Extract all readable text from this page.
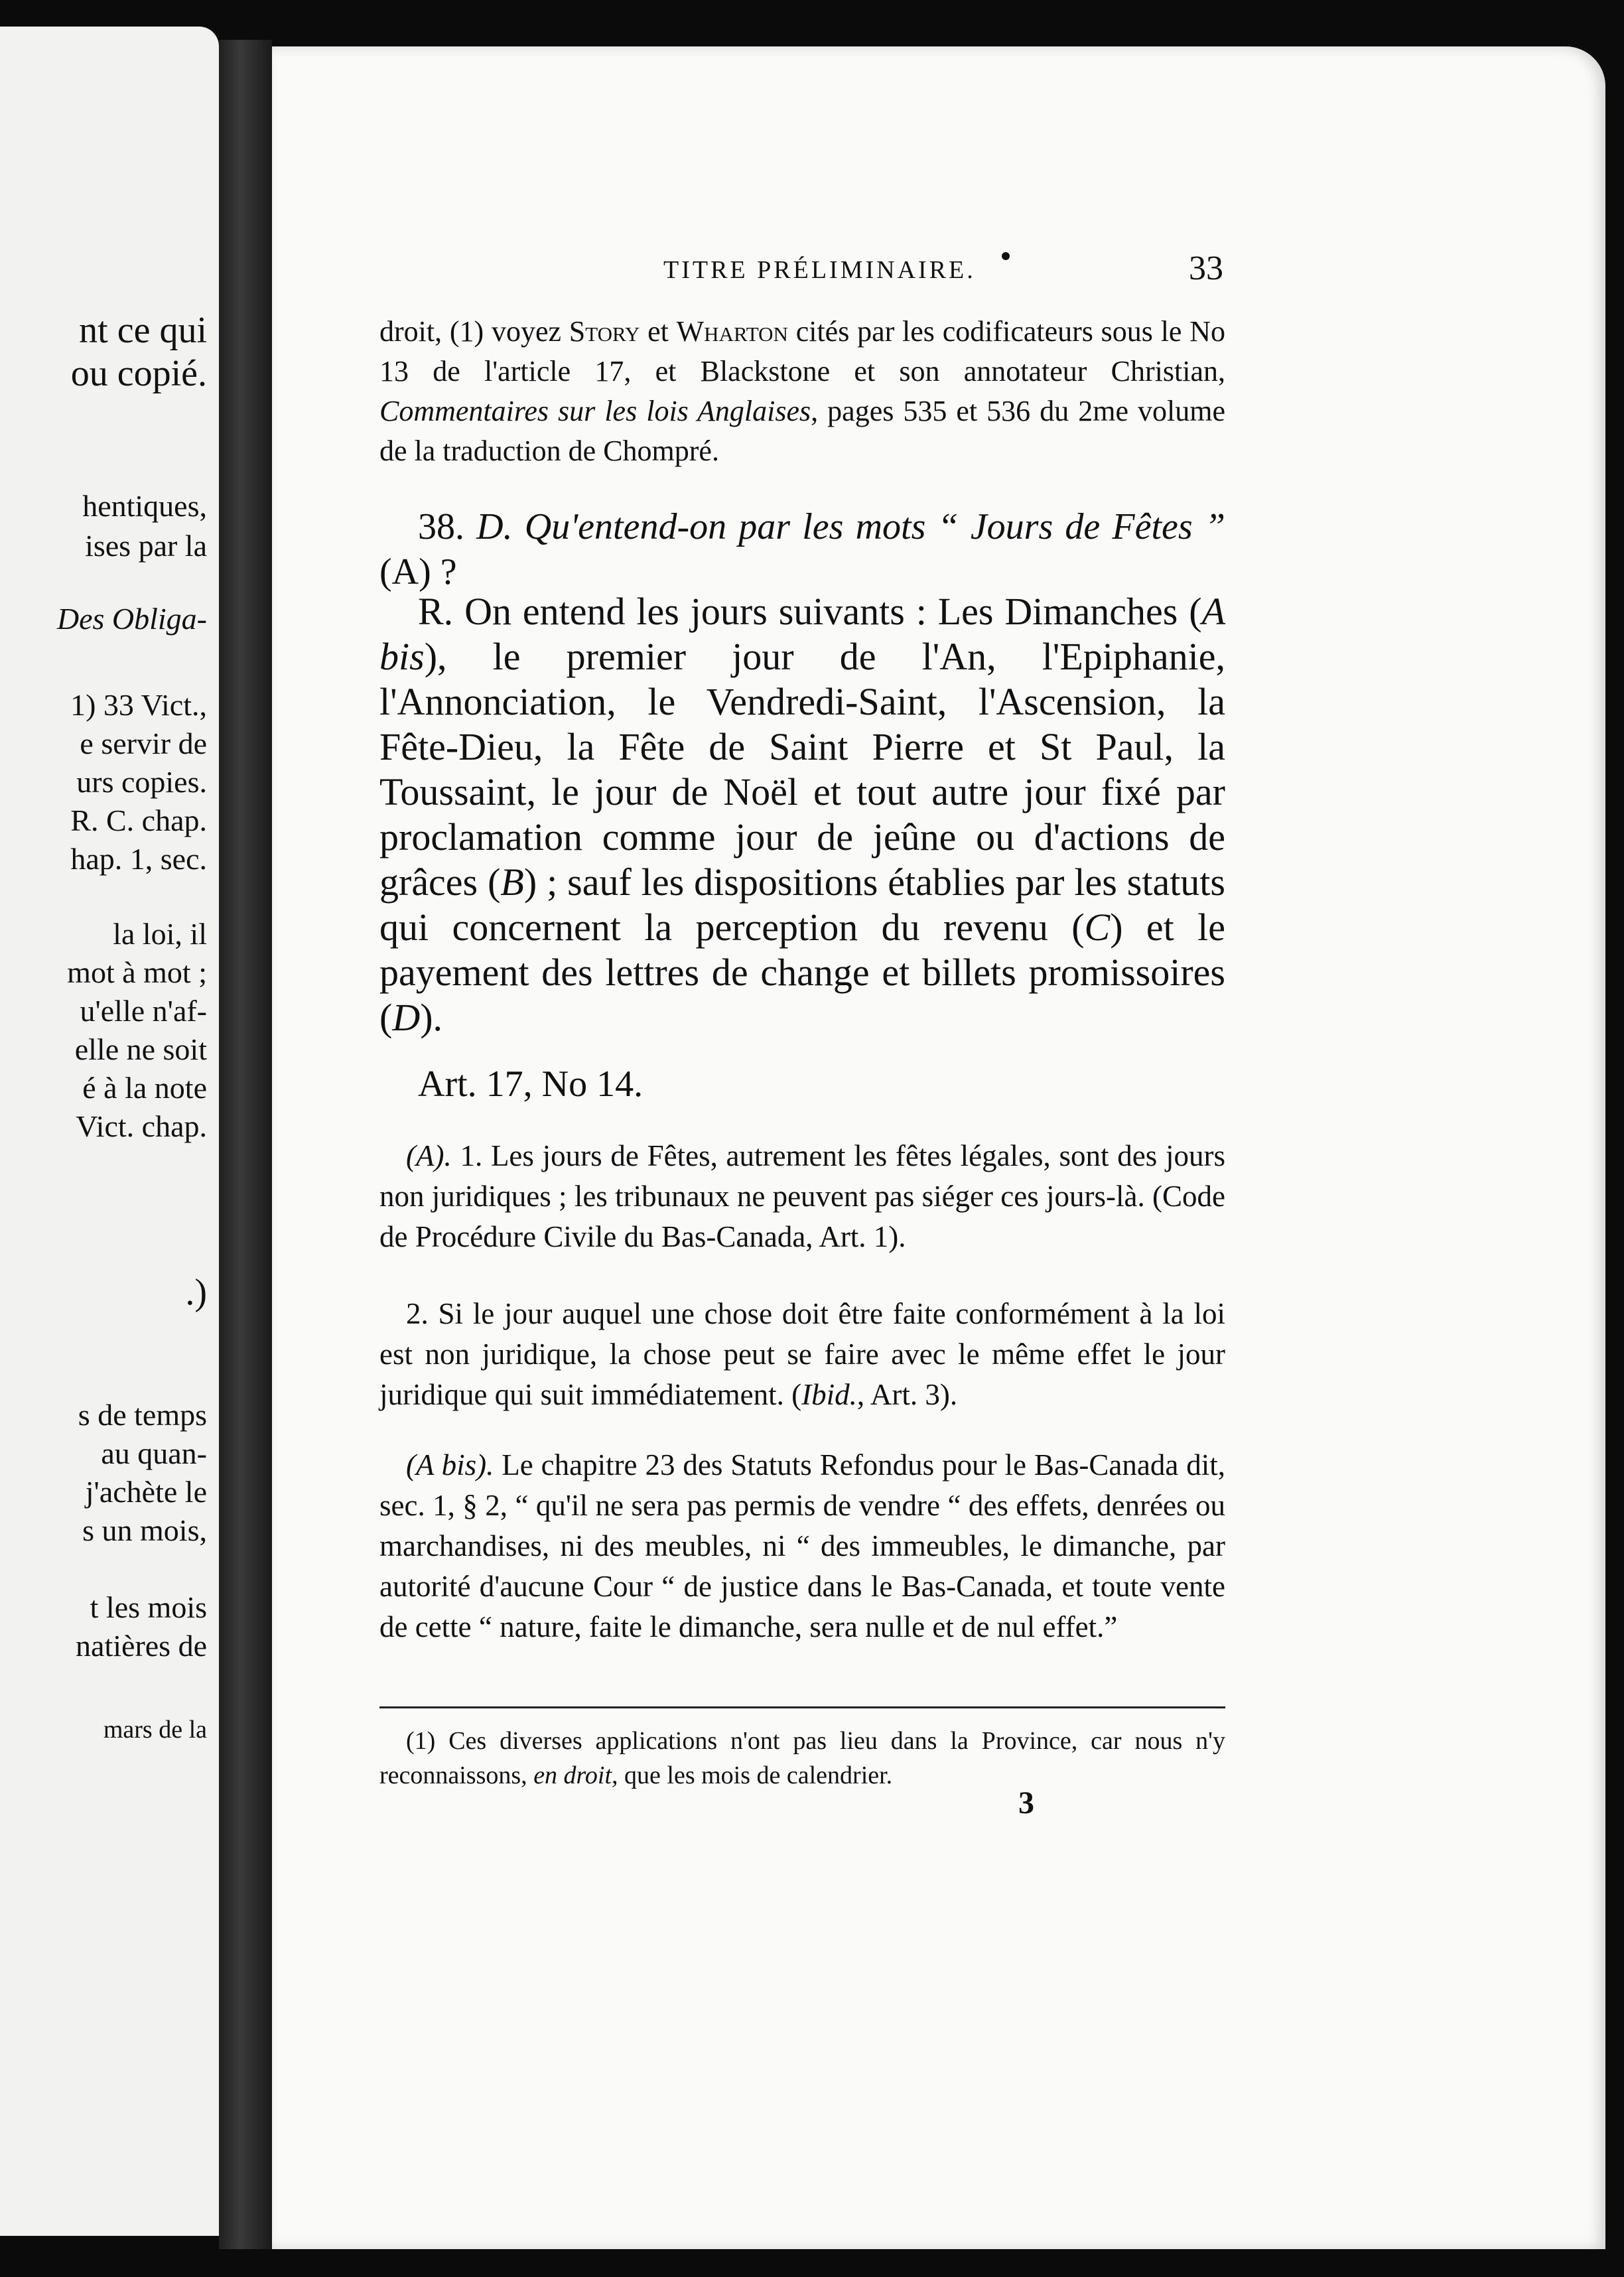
nt ce qui
ou copié.
hentiques,
ises par la
Des Obliga-
1) 33 Vict.,
e servir de
urs copies.
R. C. chap.
hap. 1, sec.
la loi, il
mot à mot ;
u'elle n'af-
elle ne soit
é à la note
Vict. chap.
.)
s de temps
au quan-
j'achète le
s un mois,
t les mois
natières de
mars de la
TITRE PRÉLIMINAIRE.	33

droit, (1) voyez Story et Wharton cités par les codificateurs sous le No 13 de l'article 17, et Blackstone et son annotateur Christian, Commentaires sur les lois Anglaises, pages 535 et 536 du 2me volume de la traduction de Chompré.

38. D. Qu'entend-on par les mots “ Jours de Fêtes ” (A) ?

R. On entend les jours suivants : Les Dimanches (A bis), le premier jour de l'An, l'Epiphanie, l'Annonciation, le Vendredi-Saint, l'Ascension, la Fête-Dieu, la Fête de Saint Pierre et St Paul, la Toussaint, le jour de Noël et tout autre jour fixé par proclamation comme jour de jeûne ou d'actions de grâces (B) ; sauf les dispositions établies par les statuts qui concernent la perception du revenu (C) et le payement des lettres de change et billets promissoires (D).

Art. 17, No 14.

(A). 1. Les jours de Fêtes, autrement les fêtes légales, sont des jours non juridiques ; les tribunaux ne peuvent pas siéger ces jours-là. (Code de Procédure Civile du Bas-Canada, Art. 1).

2. Si le jour auquel une chose doit être faite conformément à la loi est non juridique, la chose peut se faire avec le même effet le jour juridique qui suit immédiatement. (Ibid., Art. 3).

(A bis). Le chapitre 23 des Statuts Refondus pour le Bas-Canada dit, sec. 1, § 2, “ qu'il ne sera pas permis de vendre “ des effets, denrées ou marchandises, ni des meubles, ni “ des immeubles, le dimanche, par autorité d'aucune Cour “ de justice dans le Bas-Canada, et toute vente de cette “ nature, faite le dimanche, sera nulle et de nul effet.”

(1) Ces diverses applications n'ont pas lieu dans la Province, car nous n'y reconnaissons, en droit, que les mois de calendrier.

3
